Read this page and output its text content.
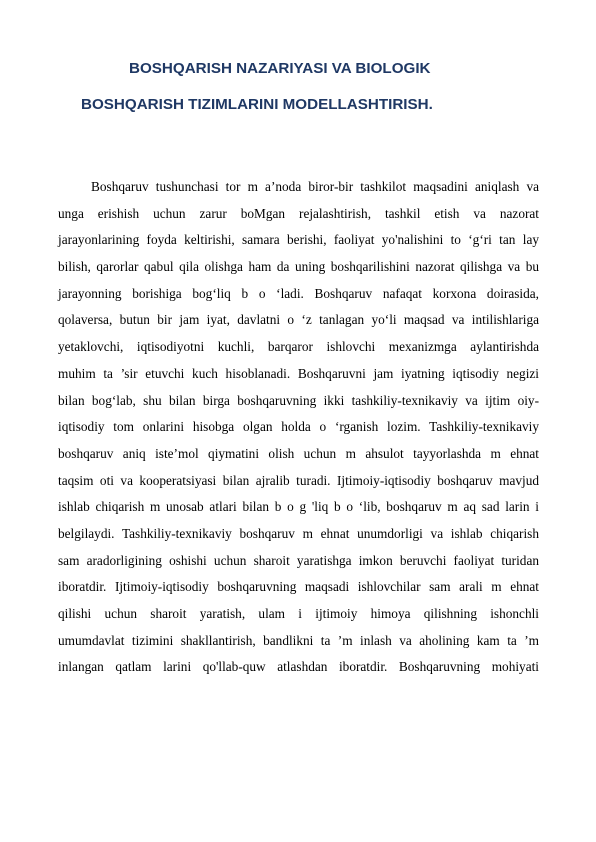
BOSHQARISH NAZARIYASI VA BIOLOGIK
BOSHQARISH TIZIMLARINI MODELLASHTIRISH.
Boshqaruv tushunchasi tor m a’noda biror-bir tashkilot maqsadini aniqlash va
unga erishish uchun zarur boMgan rejalashtirish, tashkil etish va nazorat
jarayonlarining foyda keltirishi, samara berishi, faoliyat yo'nalishini to ‘g‘ri tan lay
bilish, qarorlar qabul qila olishga ham da uning boshqarilishini nazorat qilishga va bu
jarayonning borishiga bog‘liq b o ‘ladi. Boshqaruv nafaqat korxona doirasida,
qolaversa, butun bir jam iyat, davlatni o ‘z tanlagan yo‘li maqsad va intilishlariga
yetaklovchi, iqtisodiyotni kuchli, barqaror ishlovchi mexanizmga aylantirishda
muhim ta ’sir etuvchi kuch hisoblanadi. Boshqaruvni jam iyatning iqtisodiy negizi
bilan bog‘lab, shu bilan birga boshqaruvning ikki tashkiliy-texnikaviy va ijtim oiy-
iqtisodiy tom onlarini hisobga olgan holda o ‘rganish lozim. Tashkiliy-texnikaviy
boshqaruv aniq iste’mol qiymatini olish uchun m ahsulot tayyorlashda m ehnat
taqsim oti va kooperatsiyasi bilan ajralib turadi. Ijtimoiy-iqtisodiy boshqaruv mavjud
ishlab chiqarish m unosab atlari bilan b o g 'liq b o ‘lib, boshqaruv m aq sad larin i
belgilaydi. Tashkiliy-texnikaviy boshqaruv m ehnat unumdorligi va ishlab chiqarish
sam aradorligining oshishi uchun sharoit yaratishga imkon beruvchi faoliyat turidan
iboratdir. Ijtimoiy-iqtisodiy boshqaruvning maqsadi ishlovchilar sam arali m ehnat
qilishi uchun sharoit yaratish, ulam i ijtimoiy himoya qilishning ishonchli
umumdavlat tizimini shakllantirish, bandlikni ta ’m inlash va aholining kam ta ’m
inlangan qatlam larini qo'llab-quw atlashdan iboratdir. Boshqaruvning mohiyati
